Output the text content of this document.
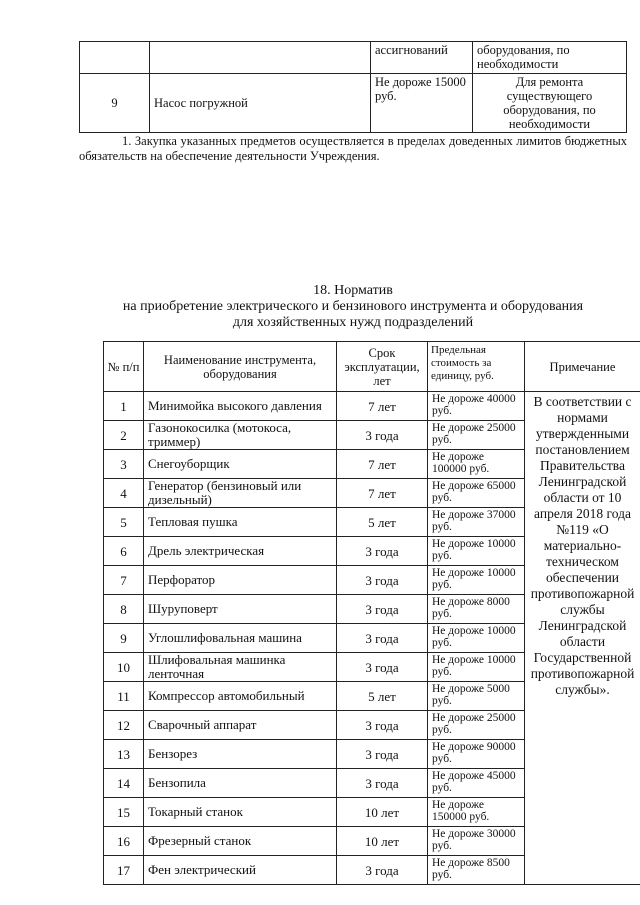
		ассигнований	оборудования, по необходимости
9	Насос погружной	Не дороже 15000 руб.	Для ремонта существующего оборудования, по необходимости

1. Закупка указанных предметов осуществляется в пределах доведенных лимитов бюджетных обязательств на обеспечение деятельности Учреждения.

18. Норматив
на приобретение электрического и бензинового инструмента и оборудования
для хозяйственных нужд подразделений
№ п/п	Наименование инструмента, оборудования	Срок эксплуатации, лет	Предельная стоимость за единицу, руб.	Примечание
1	Минимойка высокого давления	7 лет	Не дороже 40000 руб.	В соответствии с нормами утвержденными постановлением Правительства Ленинградской области от 10 апреля 2018 года №119 «О материально-техническом обеспечении противопожарной службы Ленинградской области Государственной противопожарной службы».
2	Газонокосилка (мотокоса, триммер)	3 года	Не дороже 25000 руб.	
3	Снегоуборщик	7 лет	Не дороже 100000 руб.	
4	Генератор (бензиновый или дизельный)	7 лет	Не дороже 65000 руб.	
5	Тепловая пушка	5 лет	Не дороже 37000 руб.	
6	Дрель электрическая	3 года	Не дороже 10000 руб.	
7	Перфоратор	3 года	Не дороже 10000 руб.	
8	Шуруповерт	3 года	Не дороже 8000 руб.	
9	Углошлифовальная машина	3 года	Не дороже 10000 руб.	
10	Шлифовальная машинка ленточная	3 года	Не дороже 10000 руб.	
11	Компрессор автомобильный	5 лет	Не дороже 5000 руб.	
12	Сварочный аппарат	3 года	Не дороже 25000 руб.	
13	Бензорез	3 года	Не дороже 90000 руб.	
14	Бензопила	3 года	Не дороже 45000 руб.	
15	Токарный станок	10 лет	Не дороже 150000 руб.	
16	Фрезерный станок	10 лет	Не дороже 30000 руб.	
17	Фен электрический	3 года	Не дороже 8500 руб.	
